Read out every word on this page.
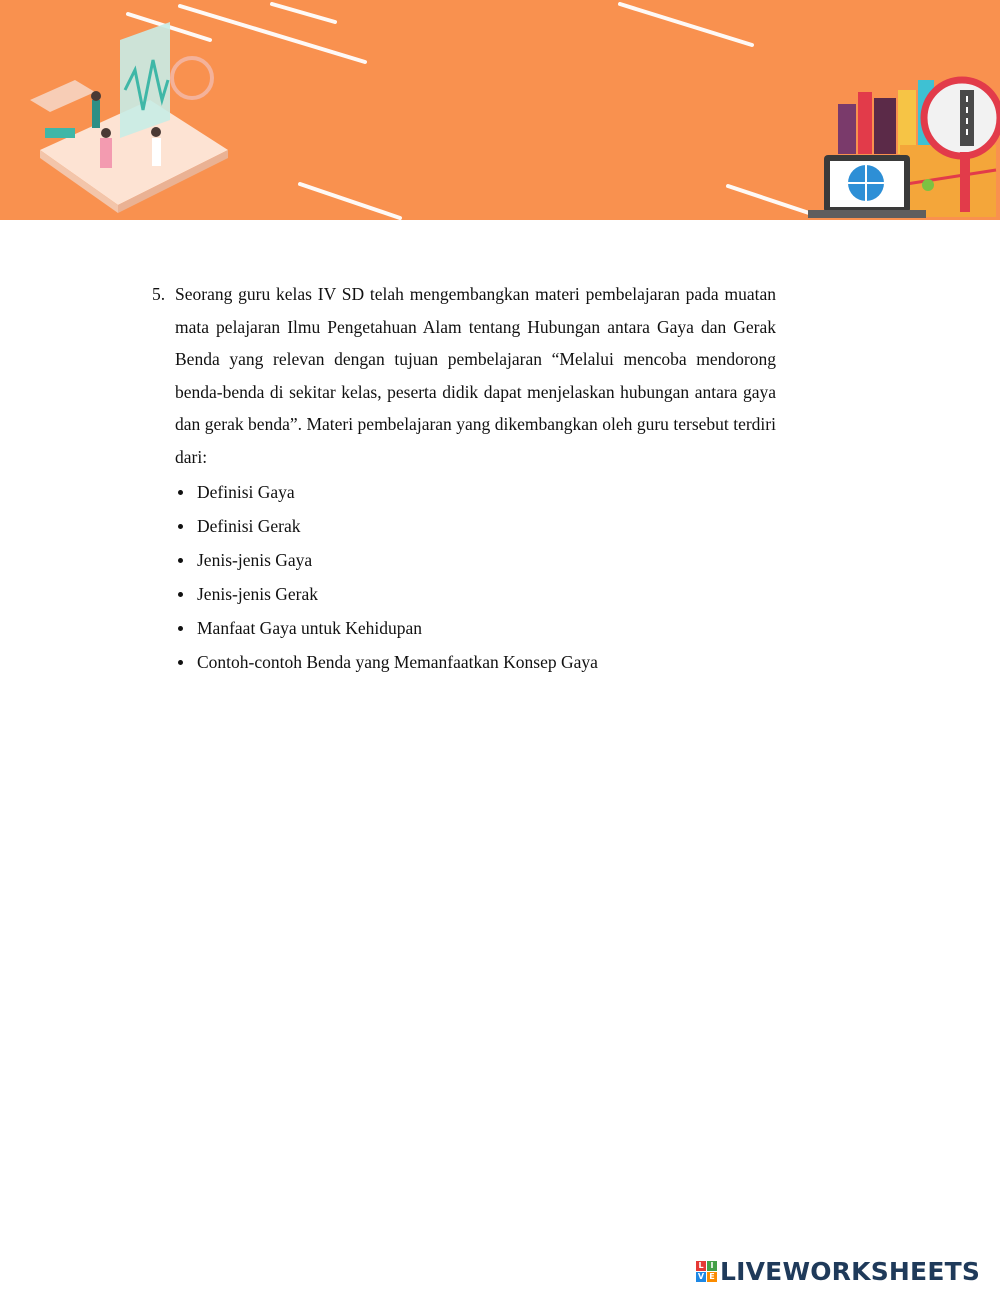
5. Seorang guru kelas IV SD telah mengembangkan materi pembelajaran pada muatan mata pelajaran Ilmu Pengetahuan Alam tentang Hubungan antara Gaya dan Gerak Benda yang relevan dengan tujuan pembelajaran “Melalui mencoba mendorong benda-benda di sekitar kelas, peserta didik dapat menjelaskan hubungan antara gaya dan gerak benda”. Materi pembelajaran yang dikembangkan oleh guru tersebut terdiri dari:
Definisi Gaya
Definisi Gerak
Jenis-jenis Gaya
Jenis-jenis Gerak
Manfaat Gaya untuk Kehidupan
Contoh-contoh Benda yang Memanfaatkan Konsep Gaya
L I
V E LIVEWORKSHEETS
